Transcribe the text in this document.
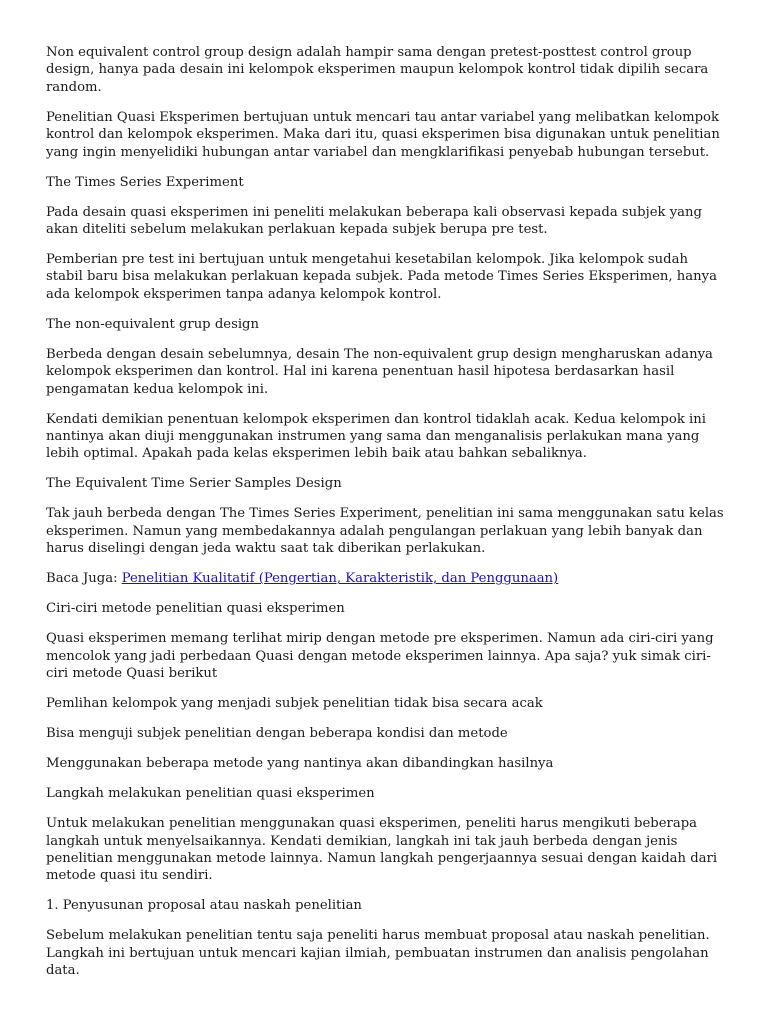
Non equivalent control group design adalah hampir sama dengan pretest-posttest control group design, hanya pada desain ini kelompok eksperimen maupun kelompok kontrol tidak dipilih secara random.

Penelitian Quasi Eksperimen bertujuan untuk mencari tau antar variabel yang melibatkan kelompok kontrol dan kelompok eksperimen. Maka dari itu, quasi eksperimen bisa digunakan untuk penelitian yang ingin menyelidiki hubungan antar variabel dan mengklarifikasi penyebab hubungan tersebut.

The Times Series Experiment

Pada desain quasi eksperimen ini peneliti melakukan beberapa kali observasi kepada subjek yang akan diteliti sebelum melakukan perlakuan kepada subjek berupa pre test.

Pemberian pre test ini bertujuan untuk mengetahui kesetabilan kelompok. Jika kelompok sudah stabil baru bisa melakukan perlakuan kepada subjek. Pada metode Times Series Eksperimen, hanya ada kelompok eksperimen tanpa adanya kelompok kontrol.

The non-equivalent grup design

Berbeda dengan desain sebelumnya, desain The non-equivalent grup design mengharuskan adanya kelompok eksperimen dan kontrol. Hal ini karena penentuan hasil hipotesa berdasarkan hasil pengamatan kedua kelompok ini.

Kendati demikian penentuan kelompok eksperimen dan kontrol tidaklah acak. Kedua kelompok ini nantinya akan diuji menggunakan instrumen yang sama dan menganalisis perlakukan mana yang lebih optimal. Apakah pada kelas eksperimen lebih baik atau bahkan sebaliknya.

The Equivalent Time Serier Samples Design

Tak jauh berbeda dengan The Times Series Experiment, penelitian ini sama menggunakan satu kelas eksperimen. Namun yang membedakannya adalah pengulangan perlakuan yang lebih banyak dan harus diselingi dengan jeda waktu saat tak diberikan perlakukan.

Baca Juga: Penelitian Kualitatif (Pengertian, Karakteristik, dan Penggunaan)

Ciri-ciri metode penelitian quasi eksperimen

Quasi eksperimen memang terlihat mirip dengan metode pre eksperimen. Namun ada ciri-ciri yang mencolok yang jadi perbedaan Quasi dengan metode eksperimen lainnya. Apa saja? yuk simak ciri-ciri metode Quasi berikut

Pemlihan kelompok yang menjadi subjek penelitian tidak bisa secara acak

Bisa menguji subjek penelitian dengan beberapa kondisi dan metode

Menggunakan beberapa metode yang nantinya akan dibandingkan hasilnya

Langkah melakukan penelitian quasi eksperimen

Untuk melakukan penelitian menggunakan quasi eksperimen, peneliti harus mengikuti beberapa langkah untuk menyelsaikannya. Kendati demikian, langkah ini tak jauh berbeda dengan jenis penelitian menggunakan metode lainnya. Namun langkah pengerjaannya sesuai dengan kaidah dari metode quasi itu sendiri.

1. Penyusunan proposal atau naskah penelitian

Sebelum melakukan penelitian tentu saja peneliti harus membuat proposal atau naskah penelitian. Langkah ini bertujuan untuk mencari kajian ilmiah, pembuatan instrumen dan analisis pengolahan data.
